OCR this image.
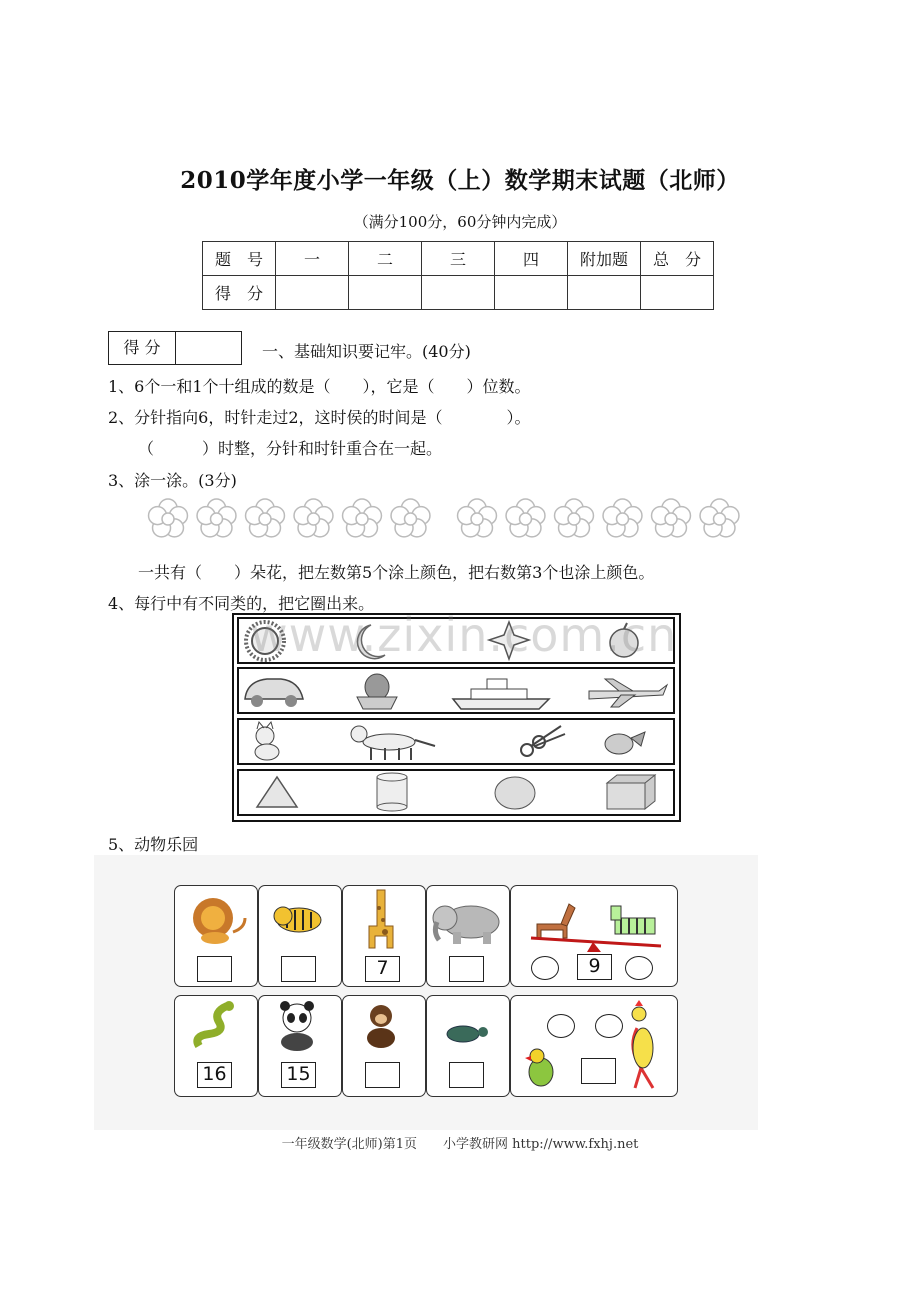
2010学年度小学一年级（上）数学期末试题（北师）
（满分100分，60分钟内完成）
题　号	一	二	三	四	附加题	总　分
得　分						
得 分	一、基础知识要记牢。(40分)
1、6个一和1个十组成的数是（　　），它是（　　）位数。
2、分针指向6，时针走过2，这时侯的时间是（　　　　）。
（　　　）时整，分针和时针重合在一起。
3、涂一涂。(3分)
一共有（　　）朵花，把左数第5个涂上颜色，把右数第3个也涂上颜色。
4、每行中有不同类的，把它圈出来。
www.zixin.com.cn
5、动物乐园
7	9
16	15
一年级数学(北师)第1页　　小学教研网 http://www.fxhj.net
